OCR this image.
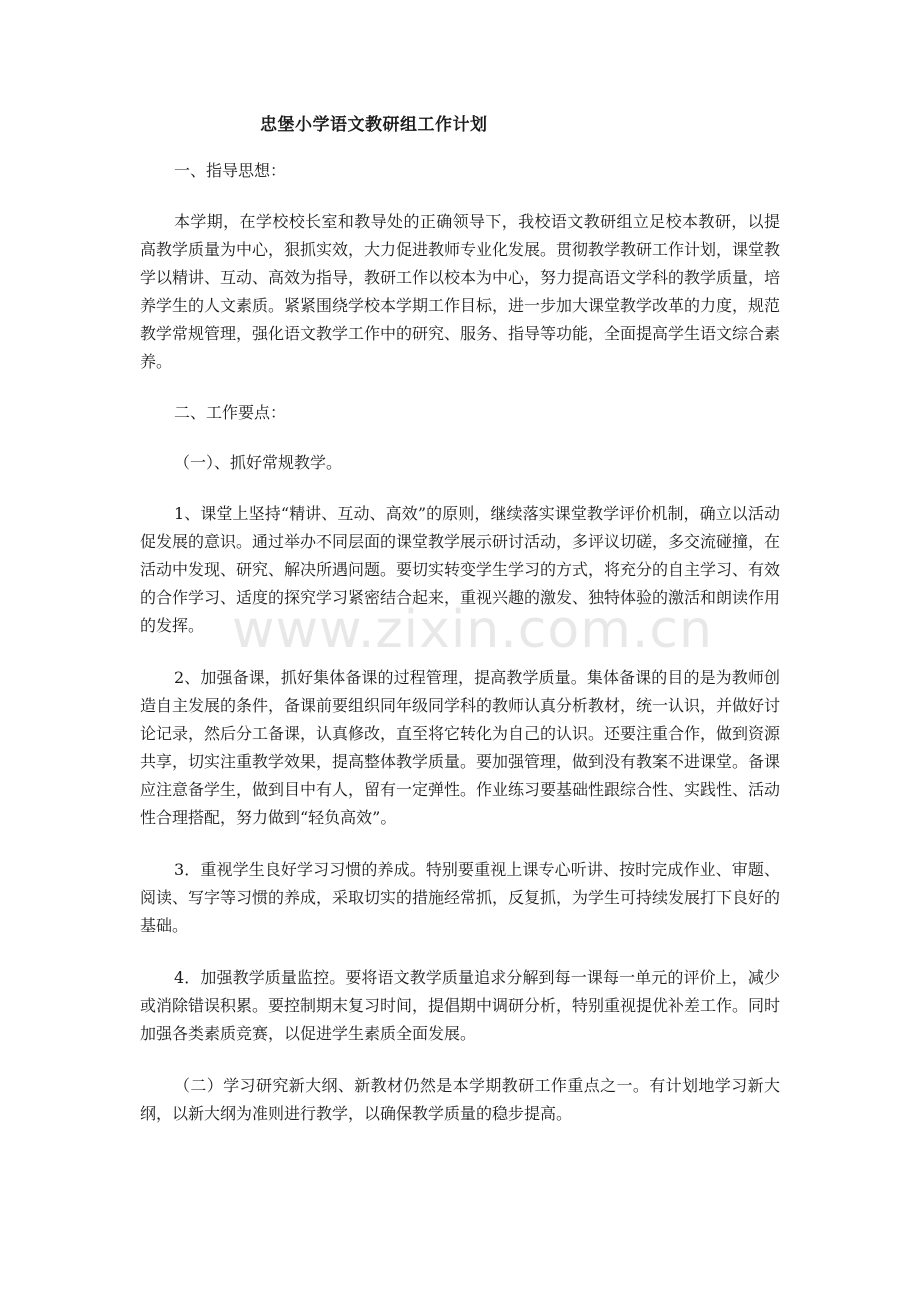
忠堡小学语文教研组工作计划
一、指导思想：
本学期，在学校校长室和教导处的正确领导下，我校语文教研组立足校本教研，以提高教学质量为中心，狠抓实效，大力促进教师专业化发展。贯彻教学教研工作计划，课堂教学以精讲、互动、高效为指导，教研工作以校本为中心，努力提高语文学科的教学质量，培养学生的人文素质。紧紧围绕学校本学期工作目标，进一步加大课堂教学改革的力度，规范教学常规管理，强化语文教学工作中的研究、服务、指导等功能，全面提高学生语文综合素养。
二、工作要点：
（一）、抓好常规教学。
1、课堂上坚持“精讲、互动、高效”的原则，继续落实课堂教学评价机制，确立以活动促发展的意识。通过举办不同层面的课堂教学展示研讨活动，多评议切磋，多交流碰撞，在活动中发现、研究、解决所遇问题。要切实转变学生学习的方式，将充分的自主学习、有效的合作学习、适度的探究学习紧密结合起来，重视兴趣的激发、独特体验的激活和朗读作用的发挥。
2、加强备课，抓好集体备课的过程管理，提高教学质量。集体备课的目的是为教师创造自主发展的条件，备课前要组织同年级同学科的教师认真分析教材，统一认识，并做好讨论记录，然后分工备课，认真修改，直至将它转化为自己的认识。还要注重合作，做到资源共享，切实注重教学效果，提高整体教学质量。要加强管理，做到没有教案不进课堂。备课应注意备学生，做到目中有人，留有一定弹性。作业练习要基础性跟综合性、实践性、活动性合理搭配，努力做到“轻负高效”。
3．重视学生良好学习习惯的养成。特别要重视上课专心听讲、按时完成作业、审题、阅读、写字等习惯的养成，采取切实的措施经常抓，反复抓，为学生可持续发展打下良好的基础。
4．加强教学质量监控。要将语文教学质量追求分解到每一课每一单元的评价上，减少或消除错误积累。要控制期末复习时间，提倡期中调研分析，特别重视提优补差工作。同时加强各类素质竞赛，以促进学生素质全面发展。
（二）学习研究新大纲、新教材仍然是本学期教研工作重点之一。有计划地学习新大纲，以新大纲为准则进行教学，以确保教学质量的稳步提高。
www.zixin.com.cn
